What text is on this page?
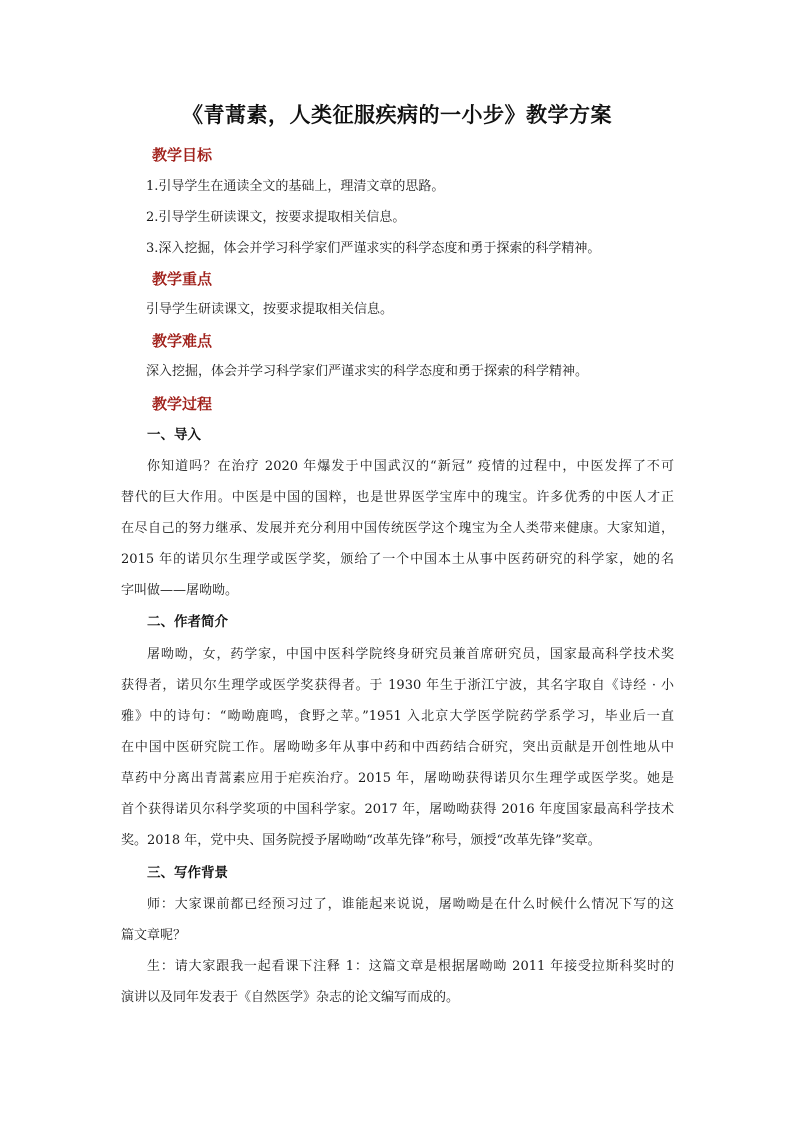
《青蒿素，人类征服疾病的一小步》教学方案
教学目标
1.引导学生在通读全文的基础上，理清文章的思路。
2.引导学生研读课文，按要求提取相关信息。
3.深入挖掘，体会并学习科学家们严谨求实的科学态度和勇于探索的科学精神。
教学重点
引导学生研读课文，按要求提取相关信息。
教学难点
深入挖掘，体会并学习科学家们严谨求实的科学态度和勇于探索的科学精神。
教学过程
一、导入
你知道吗？在治疗 2020 年爆发于中国武汉的“新冠” 疫情的过程中，中医发挥了不可
替代的巨大作用。中医是中国的国粹，也是世界医学宝库中的瑰宝。许多优秀的中医人才正
在尽自己的努力继承、发展并充分利用中国传统医学这个瑰宝为全人类带来健康。大家知道，
2015 年的诺贝尔生理学或医学奖，颁给了一个中国本土从事中医药研究的科学家，她的名
字叫做——屠呦呦。
二、作者简介
屠呦呦，女，药学家，中国中医科学院终身研究员兼首席研究员，国家最高科学技术奖
获得者，诺贝尔生理学或医学奖获得者。于 1930 年生于浙江宁波，其名字取自《诗经 · 小
雅》中的诗句：“呦呦鹿鸣，食野之苹。”1951 入北京大学医学院药学系学习，毕业后一直
在中国中医研究院工作。屠呦呦多年从事中药和中西药结合研究，突出贡献是开创性地从中
草药中分离出青蒿素应用于疟疾治疗。2015 年，屠呦呦获得诺贝尔生理学或医学奖。她是
首个获得诺贝尔科学奖项的中国科学家。2017 年，屠呦呦获得 2016 年度国家最高科学技术
奖。2018 年，党中央、国务院授予屠呦呦“改革先锋”称号，颁授“改革先锋”奖章。
三、写作背景
师：大家课前都已经预习过了，谁能起来说说，屠呦呦是在什么时候什么情况下写的这
篇文章呢？
生：请大家跟我一起看课下注释 1：这篇文章是根据屠呦呦 2011 年接受拉斯科奖时的
演讲以及同年发表于《自然医学》杂志的论文编写而成的。
